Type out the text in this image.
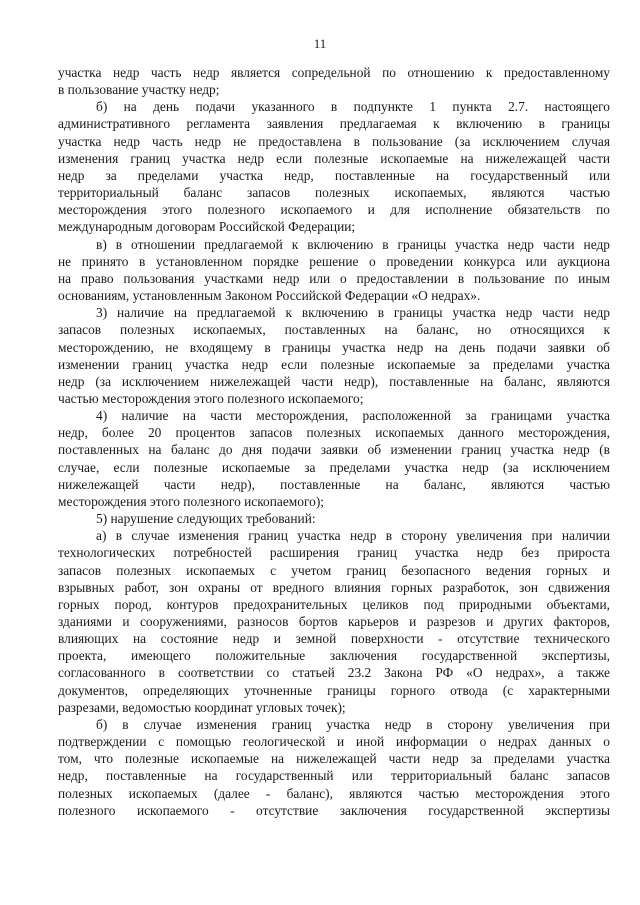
11
участка недр часть недр является сопредельной по отношению к предоставленному
в пользование участку недр;
б) на день подачи указанного в подпункте 1 пункта 2.7. настоящего
административного регламента заявления предлагаемая к включению в границы
участка недр часть недр не предоставлена в пользование (за исключением случая
изменения границ участка недр если полезные ископаемые на нижележащей части
недр за пределами участка недр, поставленные на государственный или
территориальный баланс запасов полезных ископаемых, являются частью
месторождения этого полезного ископаемого и для исполнение обязательств по
международным договорам Российской Федерации;
в) в отношении предлагаемой к включению в границы участка недр части недр
не принято в установленном порядке решение о проведении конкурса или аукциона
на право пользования участками недр или о предоставлении в пользование по иным
основаниям, установленным Законом Российской Федерации «О недрах».
3) наличие на предлагаемой к включению в границы участка недр части недр
запасов полезных ископаемых, поставленных на баланс, но относящихся к
месторождению, не входящему в границы участка недр на день подачи заявки об
изменении границ участка недр если полезные ископаемые за пределами участка
недр (за исключением нижележащей части недр), поставленные на баланс, являются
частью месторождения этого полезного ископаемого;
4) наличие на части месторождения, расположенной за границами участка
недр, более 20 процентов запасов полезных ископаемых данного месторождения,
поставленных на баланс до дня подачи заявки об изменении границ участка недр (в
случае, если полезные ископаемые за пределами участка недр (за исключением
нижележащей части недр), поставленные на баланс, являются частью
месторождения этого полезного ископаемого);
5) нарушение следующих требований:
а) в случае изменения границ участка недр в сторону увеличения при наличии
технологических потребностей расширения границ участка недр без прироста
запасов полезных ископаемых с учетом границ безопасного ведения горных и
взрывных работ, зон охраны от вредного влияния горных разработок, зон сдвижения
горных пород, контуров предохранительных целиков под природными объектами,
зданиями и сооружениями, разносов бортов карьеров и разрезов и других факторов,
влияющих на состояние недр и земной поверхности - отсутствие технического
проекта, имеющего положительные заключения государственной экспертизы,
согласованного в соответствии со статьей 23.2 Закона РФ «О недрах», а также
документов, определяющих уточненные границы горного отвода (с характерными
разрезами, ведомостью координат угловых точек);
б) в случае изменения границ участка недр в сторону увеличения при
подтверждении с помощью геологической и иной информации о недрах данных о
том, что полезные ископаемые на нижележащей части недр за пределами участка
недр, поставленные на государственный или территориальный баланс запасов
полезных ископаемых (далее - баланс), являются частью месторождения этого
полезного ископаемого - отсутствие заключения государственной экспертизы
